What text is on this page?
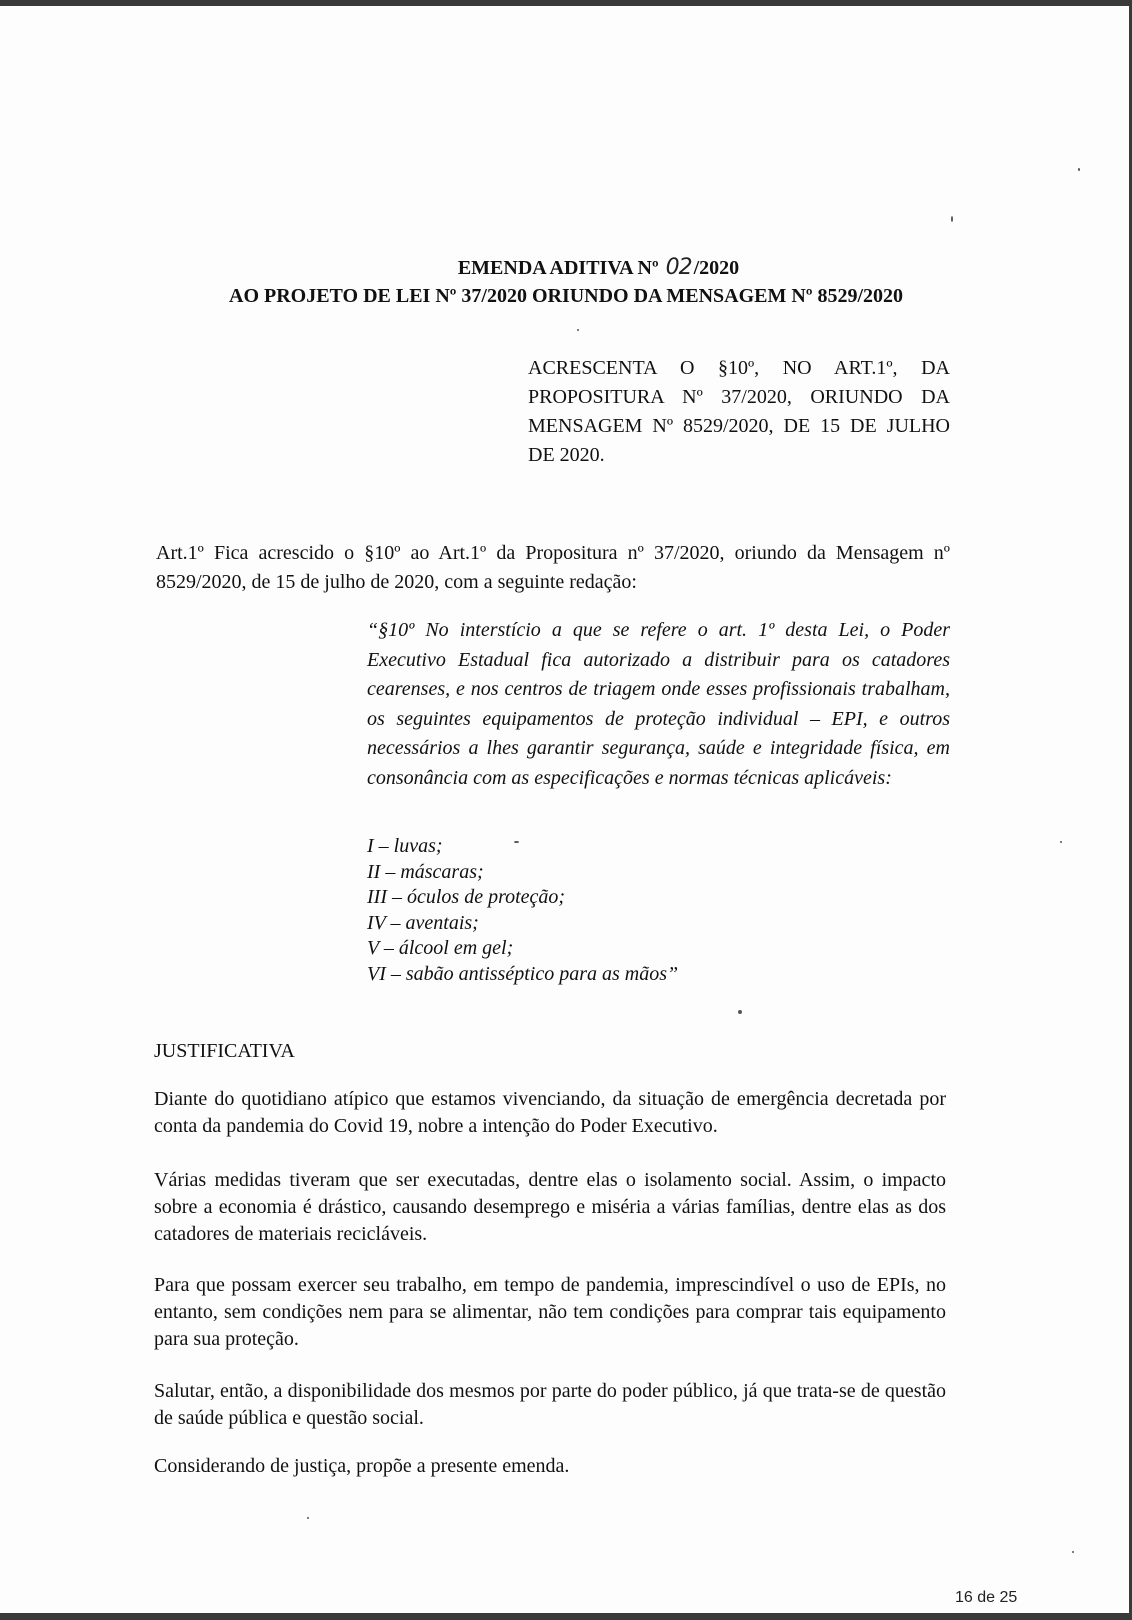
EMENDA ADITIVA Nº 02 /2020
AO PROJETO DE LEI Nº 37/2020 ORIUNDO DA MENSAGEM Nº 8529/2020
ACRESCENTA O §10º, NO ART.1º, DA PROPOSITURA Nº 37/2020, ORIUNDO DA MENSAGEM Nº 8529/2020, DE 15 DE JULHO DE 2020.
Art.1º Fica acrescido o §10º ao Art.1º da Propositura nº 37/2020, oriundo da Mensagem nº 8529/2020, de 15 de julho de 2020, com a seguinte redação:
“§10º No interstício a que se refere o art. 1º desta Lei, o Poder Executivo Estadual fica autorizado a distribuir para os catadores cearenses, e nos centros de triagem onde esses profissionais trabalham, os seguintes equipamentos de proteção individual – EPI, e outros necessários a lhes garantir segurança, saúde e integridade física, em consonância com as especificações e normas técnicas aplicáveis:
I – luvas;
II – máscaras;
III – óculos de proteção;
IV – aventais;
V – álcool em gel;
VI – sabão antisséptico para as mãos”
JUSTIFICATIVA
Diante do quotidiano atípico que estamos vivenciando, da situação de emergência decretada por conta da pandemia do Covid 19, nobre a intenção do Poder Executivo.
Várias medidas tiveram que ser executadas, dentre elas o isolamento social. Assim, o impacto sobre a economia é drástico, causando desemprego e miséria a várias famílias, dentre elas as dos catadores de materiais recicláveis.
Para que possam exercer seu trabalho, em tempo de pandemia, imprescindível o uso de EPIs, no entanto, sem condições nem para se alimentar, não tem condições para comprar tais equipamento para sua proteção.
Salutar, então, a disponibilidade dos mesmos por parte do poder público, já que trata-se de questão de saúde pública e questão social.
Considerando de justiça, propõe a presente emenda.
16 de 25
